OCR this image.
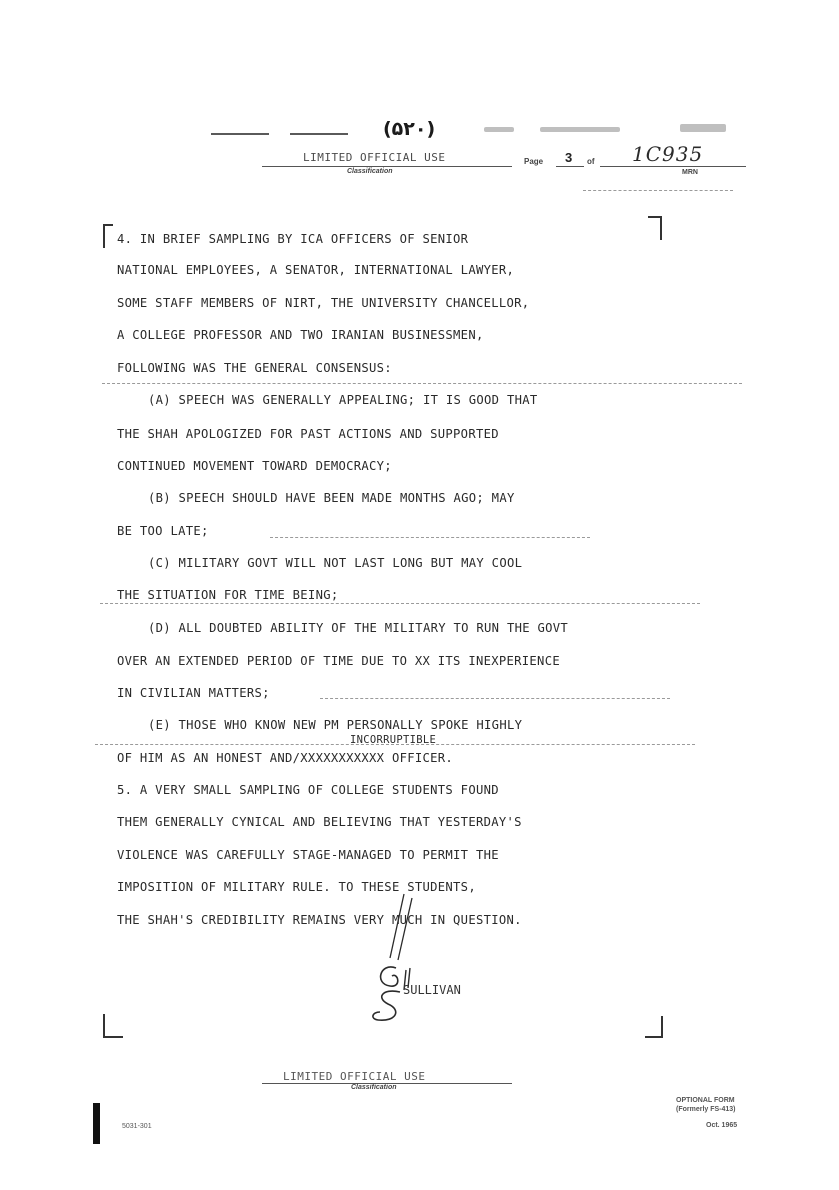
(۵۲۰)
LIMITED OFFICIAL USE
Classification
Page 3 of 1C935
MRN
4. IN BRIEF SAMPLING BY ICA OFFICERS OF SENIOR
NATIONAL EMPLOYEES, A SENATOR, INTERNATIONAL LAWYER,
SOME STAFF MEMBERS OF NIRT, THE UNIVERSITY CHANCELLOR,
A COLLEGE PROFESSOR AND TWO IRANIAN BUSINESSMEN,
FOLLOWING WAS THE GENERAL CONSENSUS:
(A) SPEECH WAS GENERALLY APPEALING; IT IS GOOD THAT
THE SHAH APOLOGIZED FOR PAST ACTIONS AND SUPPORTED
CONTINUED MOVEMENT TOWARD DEMOCRACY;
(B) SPEECH SHOULD HAVE BEEN MADE MONTHS AGO; MAY
BE TOO LATE;
(C) MILITARY GOVT WILL NOT LAST LONG BUT MAY COOL
THE SITUATION FOR TIME BEING;
(D) ALL DOUBTED ABILITY OF THE MILITARY TO RUN THE GOVT
OVER AN EXTENDED PERIOD OF TIME DUE TO XX ITS INEXPERIENCE
IN CIVILIAN MATTERS;
(E) THOSE WHO KNOW NEW PM PERSONALLY SPOKE HIGHLY
INCORRUPTIBLE
OF HIM AS AN HONEST AND/XXXXXXXXXXX OFFICER.
5. A VERY SMALL SAMPLING OF COLLEGE STUDENTS FOUND
THEM GENERALLY CYNICAL AND BELIEVING THAT YESTERDAY'S
VIOLENCE WAS CAREFULLY STAGE-MANAGED TO PERMIT THE
IMPOSITION OF MILITARY RULE. TO THESE STUDENTS,
THE SHAH'S CREDIBILITY REMAINS VERY MUCH IN QUESTION.
SULLIVAN
LIMITED OFFICIAL USE
Classification
OPTIONAL FORM
(Formerly FS-413)
Oct. 1965
5031-301
